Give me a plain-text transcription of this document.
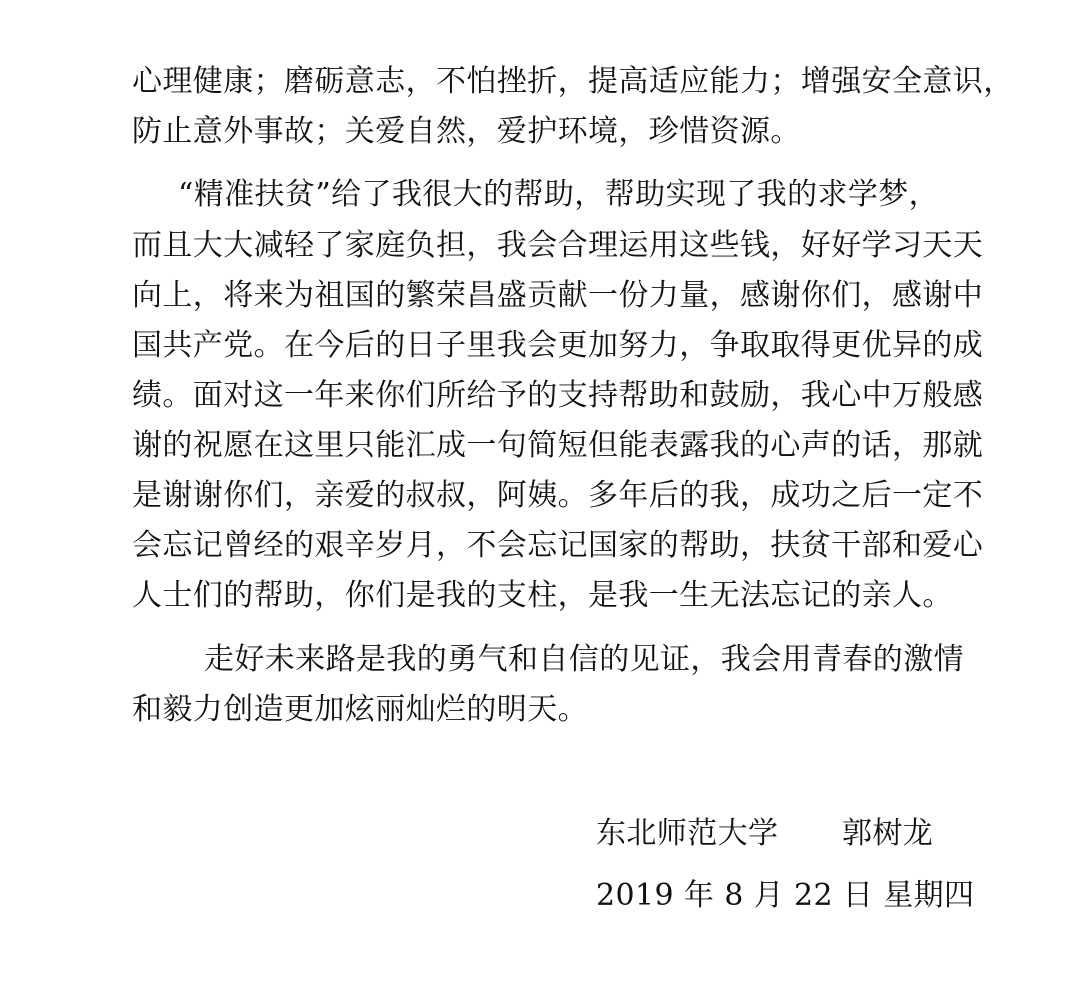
心理健康；磨砺意志，不怕挫折，提高适应能力；增强安全意识，
防止意外事故；关爱自然，爱护环境，珍惜资源。
“精准扶贫”给了我很大的帮助，帮助实现了我的求学梦，
而且大大减轻了家庭负担，我会合理运用这些钱，好好学习天天
向上，将来为祖国的繁荣昌盛贡献一份力量，感谢你们，感谢中
国共产党。在今后的日子里我会更加努力，争取取得更优异的成
绩。面对这一年来你们所给予的支持帮助和鼓励，我心中万般感
谢的祝愿在这里只能汇成一句简短但能表露我的心声的话，那就
是谢谢你们，亲爱的叔叔，阿姨。多年后的我，成功之后一定不
会忘记曾经的艰辛岁月，不会忘记国家的帮助，扶贫干部和爱心
人士们的帮助，你们是我的支柱，是我一生无法忘记的亲人。
走好未来路是我的勇气和自信的见证，我会用青春的激情
和毅力创造更加炫丽灿烂的明天。
东北师范大学 郭树龙
2019 年 8 月 22 日 星期四
